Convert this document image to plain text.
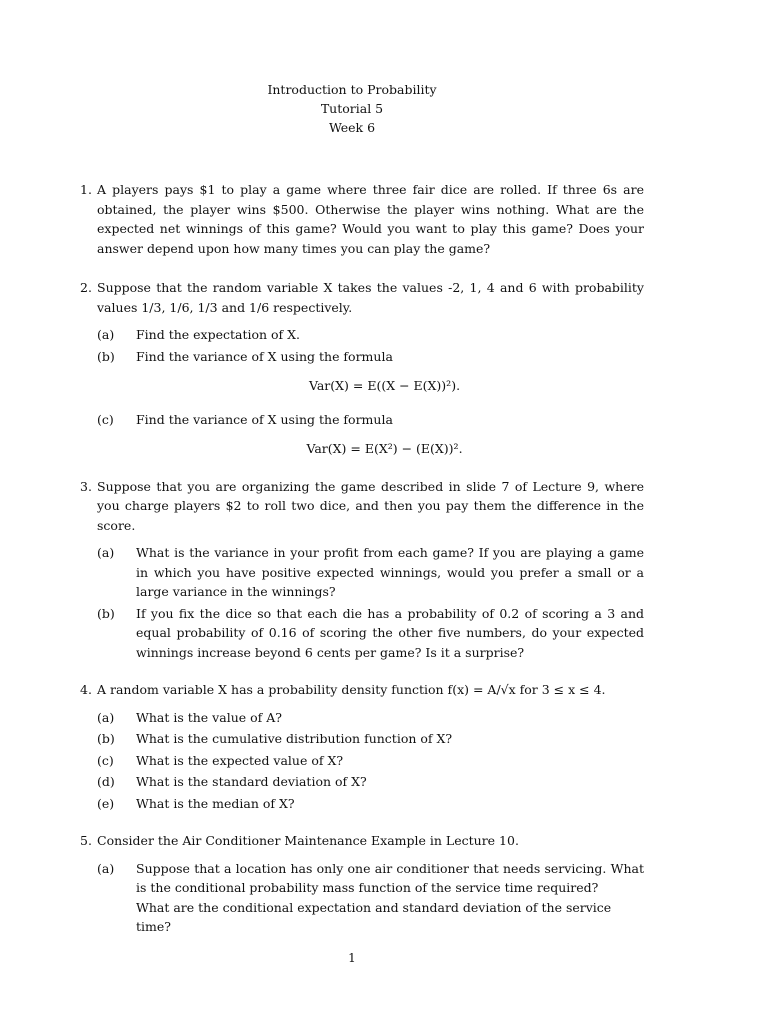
Introduction to Probability
Tutorial 5
Week 6
1. A players pays $1 to play a game where three fair dice are rolled. If three 6s are obtained, the player wins $500. Otherwise the player wins nothing. What are the expected net winnings of this game? Would you want to play this game? Does your answer depend upon how many times you can play the game?
2. Suppose that the random variable X takes the values -2, 1, 4 and 6 with probability values 1/3, 1/6, 1/3 and 1/6 respectively.
(a) Find the expectation of X.
(b) Find the variance of X using the formula
Var(X) = E((X − E(X))²).
(c) Find the variance of X using the formula
Var(X) = E(X²) − (E(X))².
3. Suppose that you are organizing the game described in slide 7 of Lecture 9, where you charge players $2 to roll two dice, and then you pay them the difference in the score.
(a) What is the variance in your profit from each game? If you are playing a game in which you have positive expected winnings, would you prefer a small or a large variance in the winnings?
(b) If you fix the dice so that each die has a probability of 0.2 of scoring a 3 and equal probability of 0.16 of scoring the other five numbers, do your expected winnings increase beyond 6 cents per game? Is it a surprise?
4. A random variable X has a probability density function f(x) = A/√x for 3 ≤ x ≤ 4.
(a) What is the value of A?
(b) What is the cumulative distribution function of X?
(c) What is the expected value of X?
(d) What is the standard deviation of X?
(e) What is the median of X?
5. Consider the Air Conditioner Maintenance Example in Lecture 10.
(a) Suppose that a location has only one air conditioner that needs servicing. What is the conditional probability mass function of the service time required?
What are the conditional expectation and standard deviation of the service time?
1
